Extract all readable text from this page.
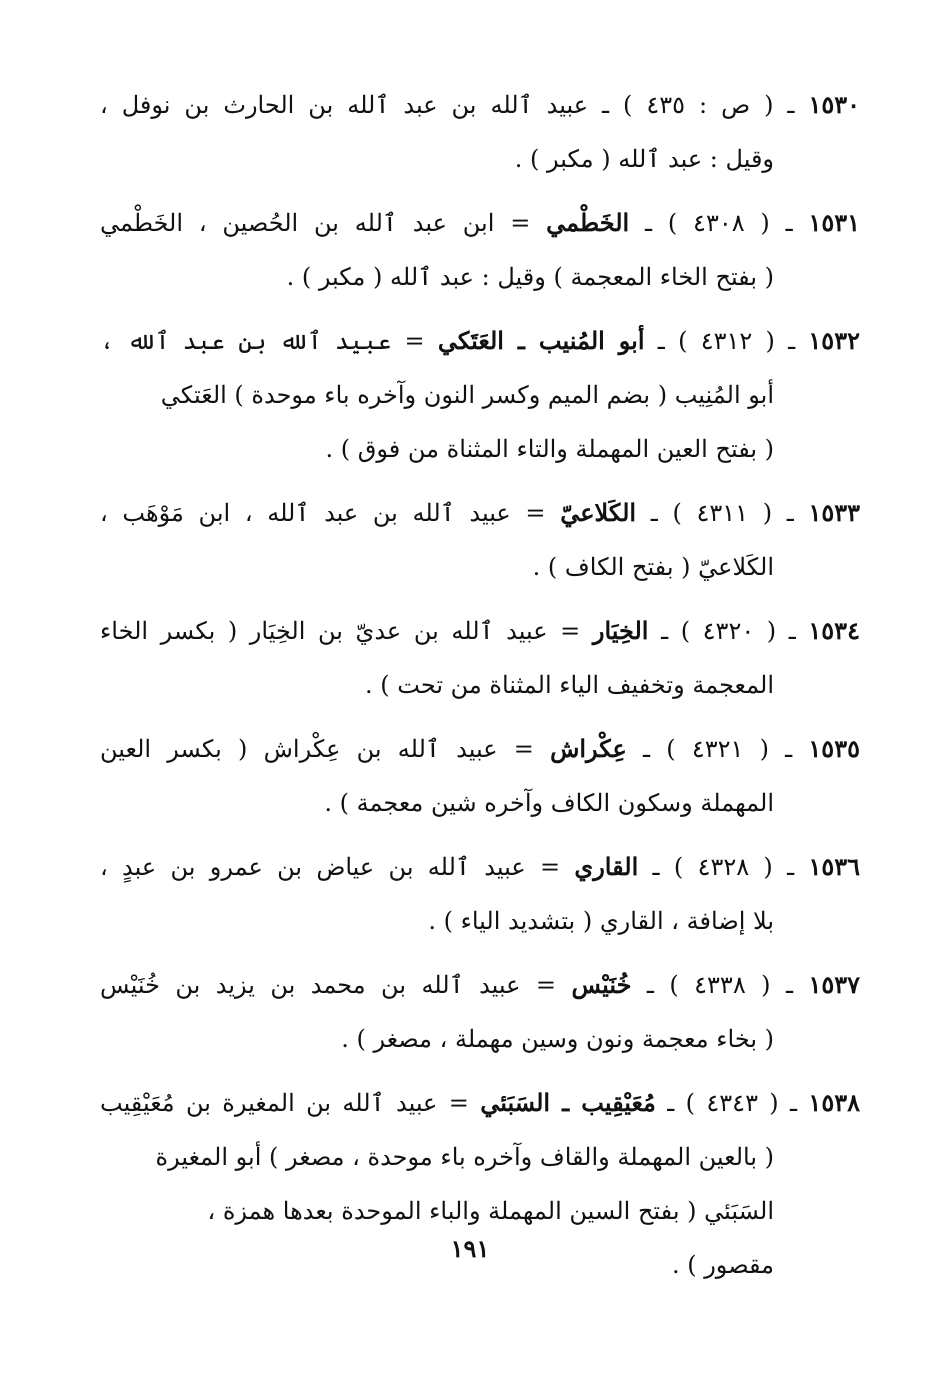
١٥٣٠ ـ ( ص : ٤٣٥ ) ـ عبيد ٱلله بن عبد ٱلله بن الحارث بن نوفل ،
وقيل : عبد ٱلله ( مكبر ) .
١٥٣١ ـ ( ٤٣٠٨ ) ـ الخَطْمي = ابن عبد ٱلله بن الحُصين ، الخَطْمي
( بفتح الخاء المعجمة ) وقيل : عبد ٱلله ( مكبر ) .
١٥٣٢ ـ ( ٤٣١٢ ) ـ أبو المُنيب ـ العَتَكي = عبيد ٱلله بن عبد ٱلله ،
أبو المُنِيب ( بضم الميم وكسر النون وآخره باء موحدة ) العَتكي
( بفتح العين المهملة والتاء المثناة من فوق ) .
١٥٣٣ ـ ( ٤٣١١ ) ـ الكَلاعيّ = عبيد ٱلله بن عبد ٱلله ، ابن مَوْهَب ،
الكَلاعيّ ( بفتح الكاف ) .
١٥٣٤ ـ ( ٤٣٢٠ ) ـ الخِيَار = عبيد ٱلله بن عديّ بن الخِيَار ( بكسر الخاء
المعجمة وتخفيف الياء المثناة من تحت ) .
١٥٣٥ ـ ( ٤٣٢١ ) ـ عِكْراش = عبيد ٱلله بن عِكْراش ( بكسر العين
المهملة وسكون الكاف وآخره شين معجمة ) .
١٥٣٦ ـ ( ٤٣٢٨ ) ـ القاري = عبيد ٱلله بن عياض بن عمرو بن عبدٍ ،
بلا إضافة ، القاري ( بتشديد الياء ) .
١٥٣٧ ـ ( ٤٣٣٨ ) ـ خُنَيْس = عبيد ٱلله بن محمد بن يزيد بن خُنَيْس
( بخاء معجمة ونون وسين مهملة ، مصغر ) .
١٥٣٨ ـ ( ٤٣٤٣ ) ـ مُعَيْقِيب ـ السَبَئي = عبيد ٱلله بن المغيرة بن مُعَيْقِيب
( بالعين المهملة والقاف وآخره باء موحدة ، مصغر ) أبو المغيرة
السَبَئي ( بفتح السين المهملة والباء الموحدة بعدها همزة ،
مقصور ) .
١٩١
